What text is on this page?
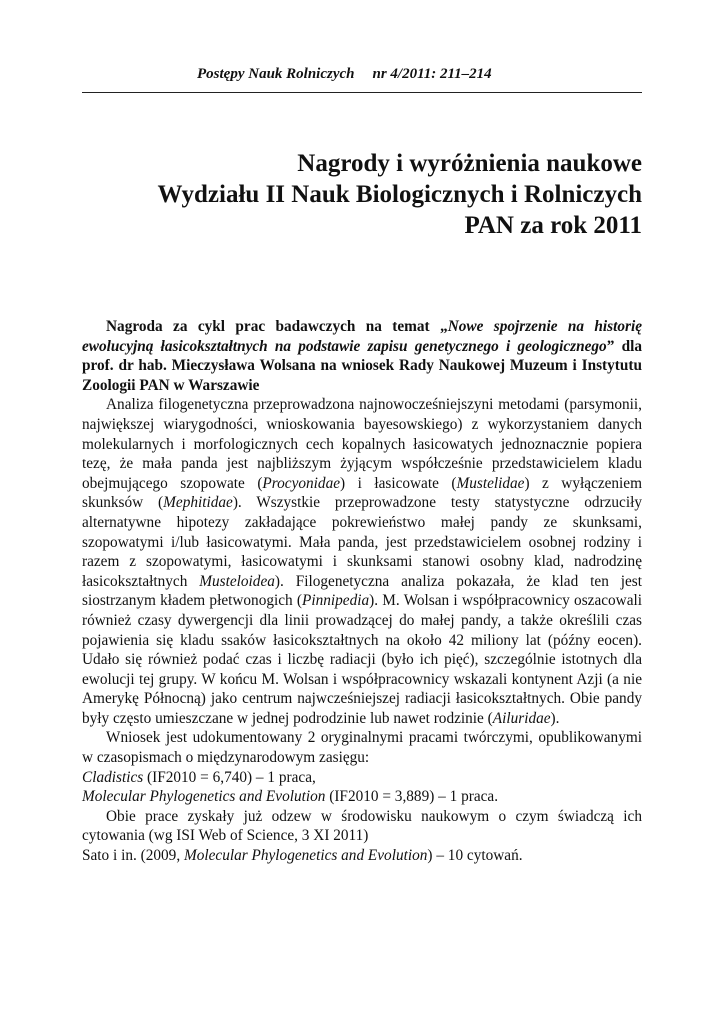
Postępy Nauk Rolniczych nr 4/2011: 211–214
Nagrody i wyróżnienia naukowe
Wydziału II Nauk Biologicznych i Rolniczych
PAN za rok 2011

Nagroda za cykl prac badawczych na temat „Nowe spojrzenie na historię ewolucyjną łasicokształtnych na podstawie zapisu genetycznego i geologicznego” dla prof. dr hab. Mieczysława Wolsana na wniosek Rady Naukowej Muzeum i Instytutu Zoologii PAN w Warszawie

Analiza filogenetyczna przeprowadzona najnowocześniejszyni metodami (parsymonii, największej wiarygodności, wnioskowania bayesowskiego) z wykorzystaniem danych molekularnych i morfologicznych cech kopalnych łasicowatych jednoznacznie popiera tezę, że mała panda jest najbliższym żyjącym współcześnie przedstawicielem kladu obejmującego szopowate (Procyonidae) i łasicowate (Mustelidae) z wyłączeniem skunksów (Mephitidae). Wszystkie przeprowadzone testy statystyczne odrzuciły alternatywne hipotezy zakładające pokrewieństwo małej pandy ze skunksami, szopowatymi i/lub łasicowatymi. Mała panda, jest przedstawicielem osobnej rodziny i razem z szopowatymi, łasicowatymi i skunksami stanowi osobny klad, nadrodzinę łasicokształtnych Musteloidea). Filogenetyczna analiza pokazała, że klad ten jest siostrzanym kładem płetwonogich (Pinnipedia). M. Wolsan i współpracownicy oszacowali również czasy dywergencji dla linii prowadzącej do małej pandy, a także określili czas pojawienia się kladu ssaków łasicokształtnych na około 42 miliony lat (późny eocen). Udało się również podać czas i liczbę radiacji (było ich pięć), szczególnie istotnych dla ewolucji tej grupy. W końcu M. Wolsan i współpracownicy wskazali kontynent Azji (a nie Amerykę Północną) jako centrum najwcześniejszej radiacji łasicokształtnych. Obie pandy były często umieszczane w jednej podrodzinie lub nawet rodzinie (Ailuridae).

Wniosek jest udokumentowany 2 oryginalnymi pracami twórczymi, opublikowanymi w czasopismach o międzynarodowym zasięgu:

Cladistics (IF2010 = 6,740) – 1 praca,

Molecular Phylogenetics and Evolution (IF2010 = 3,889) – 1 praca.

Obie prace zyskały już odzew w środowisku naukowym o czym świadczą ich cytowania (wg ISI Web of Science, 3 XI 2011)

Sato i in. (2009, Molecular Phylogenetics and Evolution) – 10 cytowań.
